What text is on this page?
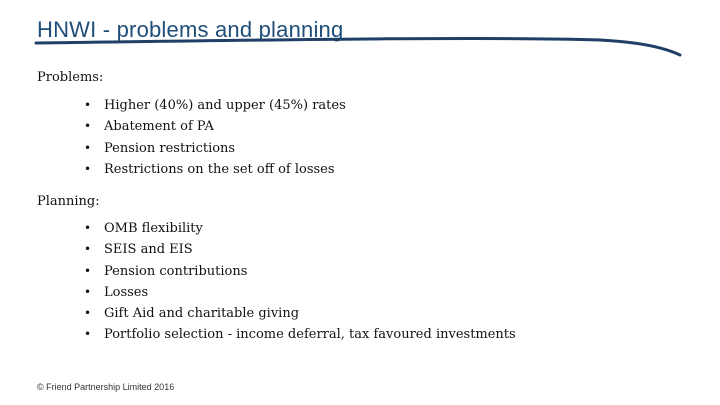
HNWI - problems and planning
Problems:
• Higher (40%) and upper (45%) rates
• Abatement of PA
• Pension restrictions
• Restrictions on the set off of losses
Planning:
• OMB flexibility
• SEIS and EIS
• Pension contributions
• Losses
• Gift Aid and charitable giving
• Portfolio selection - income deferral, tax favoured investments
© Friend Partnership Limited 2016
